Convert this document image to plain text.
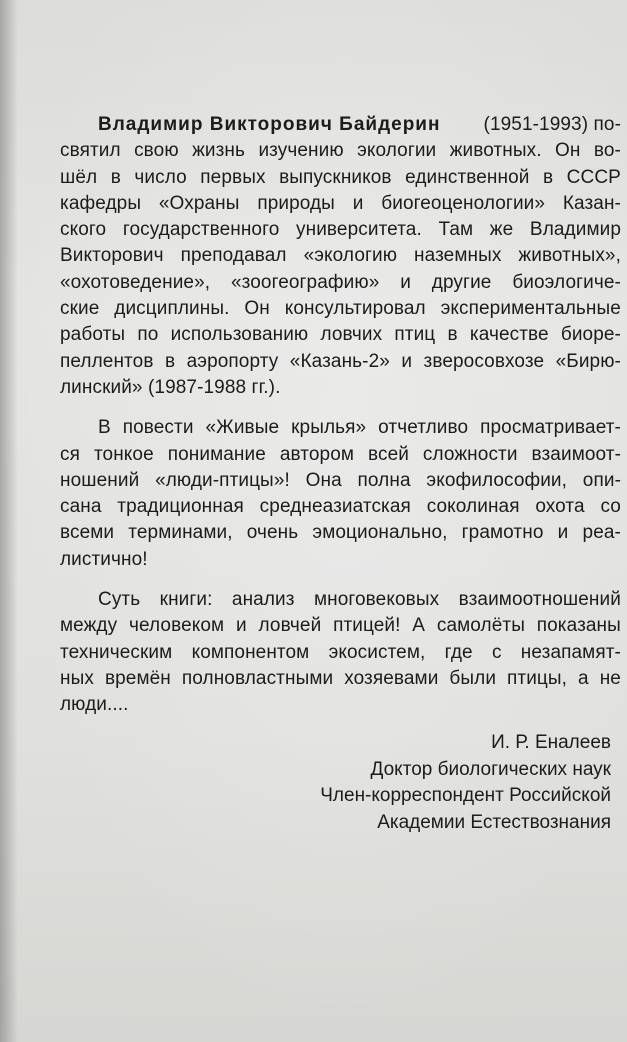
Владимир Викторович Байдерин (1951-1993) по-
святил свою жизнь изучению экологии животных. Он во-
шёл в число первых выпускников единственной в СССР
кафедры «Охраны природы и биогеоценологии» Казан-
ского государственного университета. Там же Владимир
Викторович преподавал «экологию наземных животных»,
«охотоведение», «зоогеографию» и другие биоэлогиче-
ские дисциплины. Он консультировал экспериментальные
работы по использованию ловчих птиц в качестве биоре-
пеллентов в аэропорту «Казань-2» и зверосовхозе «Бирю-
линский» (1987-1988 гг.).
В повести «Живые крылья» отчетливо просматривает-
ся тонкое понимание автором всей сложности взаимоот-
ношений «люди-птицы»! Она полна экофилософии, опи-
сана традиционная среднеазиатская соколиная охота со
всеми терминами, очень эмоционально, грамотно и реа-
листично!
Суть книги: анализ многовековых взаимоотношений
между человеком и ловчей птицей! А самолёты показаны
техническим компонентом экосистем, где с незапамят-
ных времён полновластными хозяевами были птицы, а не
люди....
И. Р. Еналеев
Доктор биологических наук
Член-корреспондент Российской
Академии Естествознания
